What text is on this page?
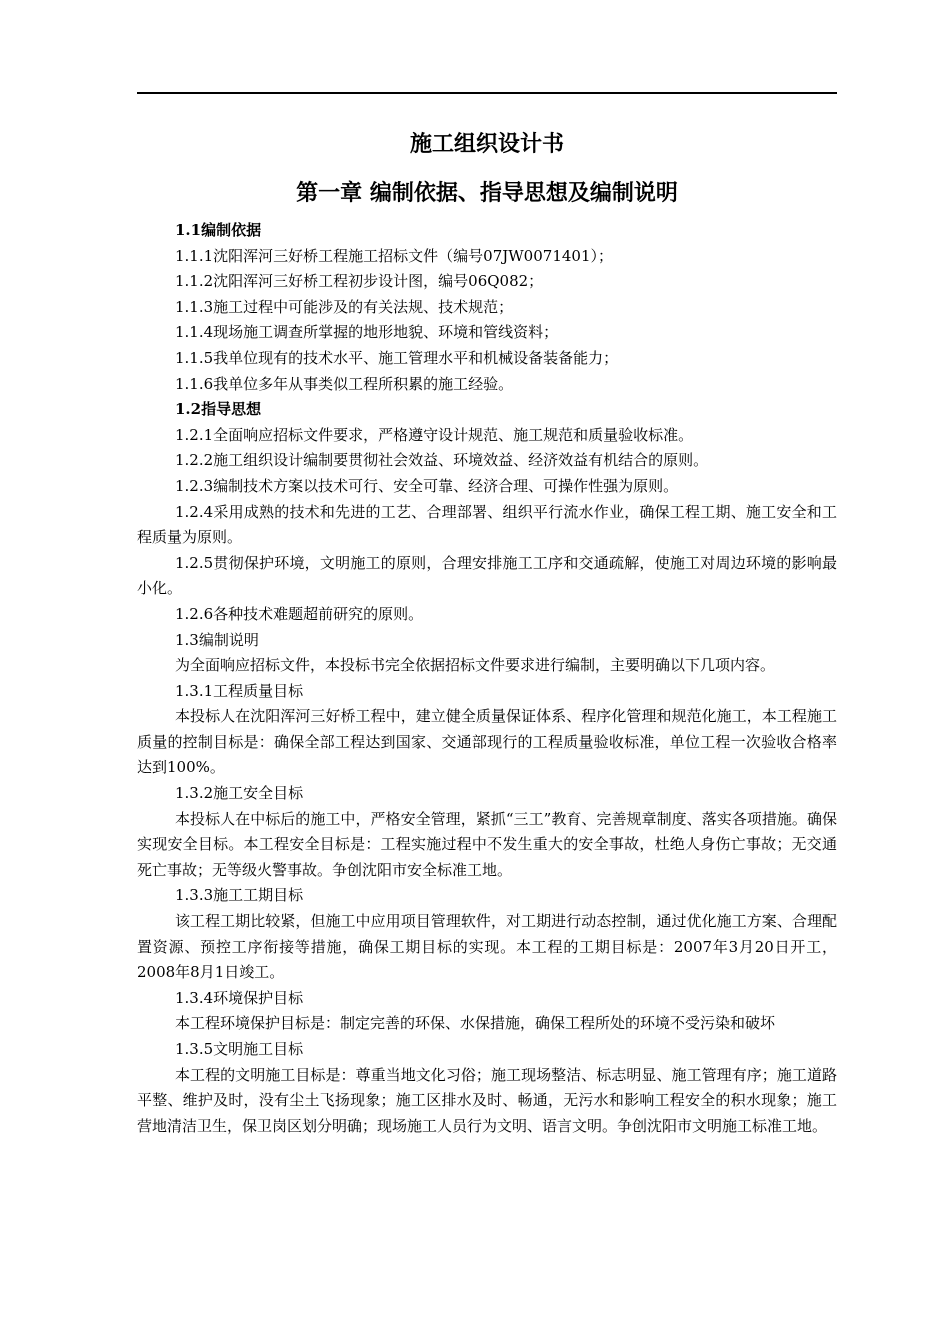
施工组织设计书
第一章 编制依据、指导思想及编制说明

1.1编制依据

1.1.1沈阳浑河三好桥工程施工招标文件（编号07JW0071401）；

1.1.2沈阳浑河三好桥工程初步设计图，编号06Q082；

1.1.3施工过程中可能涉及的有关法规、技术规范；

1.1.4现场施工调查所掌握的地形地貌、环境和管线资料；

1.1.5我单位现有的技术水平、施工管理水平和机械设备装备能力；

1.1.6我单位多年从事类似工程所积累的施工经验。

1.2指导思想

1.2.1全面响应招标文件要求，严格遵守设计规范、施工规范和质量验收标准。

1.2.2施工组织设计编制要贯彻社会效益、环境效益、经济效益有机结合的原则。

1.2.3编制技术方案以技术可行、安全可靠、经济合理、可操作性强为原则。

1.2.4采用成熟的技术和先进的工艺、合理部署、组织平行流水作业，确保工程工期、施工安全和工程质量为原则。

1.2.5贯彻保护环境，文明施工的原则，合理安排施工工序和交通疏解，使施工对周边环境的影响最小化。

1.2.6各种技术难题超前研究的原则。

1.3编制说明

为全面响应招标文件，本投标书完全依据招标文件要求进行编制，主要明确以下几项内容。

1.3.1工程质量目标

本投标人在沈阳浑河三好桥工程中，建立健全质量保证体系、程序化管理和规范化施工，本工程施工质量的控制目标是：确保全部工程达到国家、交通部现行的工程质量验收标准，单位工程一次验收合格率达到100%。

1.3.2施工安全目标

本投标人在中标后的施工中，严格安全管理，紧抓“三工”教育、完善规章制度、落实各项措施。确保实现安全目标。本工程安全目标是：工程实施过程中不发生重大的安全事故，杜绝人身伤亡事故；无交通死亡事故；无等级火警事故。争创沈阳市安全标准工地。

1.3.3施工工期目标

该工程工期比较紧，但施工中应用项目管理软件，对工期进行动态控制，通过优化施工方案、合理配置资源、预控工序衔接等措施，确保工期目标的实现。本工程的工期目标是：2007年3月20日开工，2008年8月1日竣工。

1.3.4环境保护目标

本工程环境保护目标是：制定完善的环保、水保措施，确保工程所处的环境不受污染和破坏

1.3.5文明施工目标

本工程的文明施工目标是：尊重当地文化习俗；施工现场整洁、标志明显、施工管理有序；施工道路平整、维护及时，没有尘土飞扬现象；施工区排水及时、畅通，无污水和影响工程安全的积水现象；施工营地清洁卫生，保卫岗区划分明确；现场施工人员行为文明、语言文明。争创沈阳市文明施工标准工地。
